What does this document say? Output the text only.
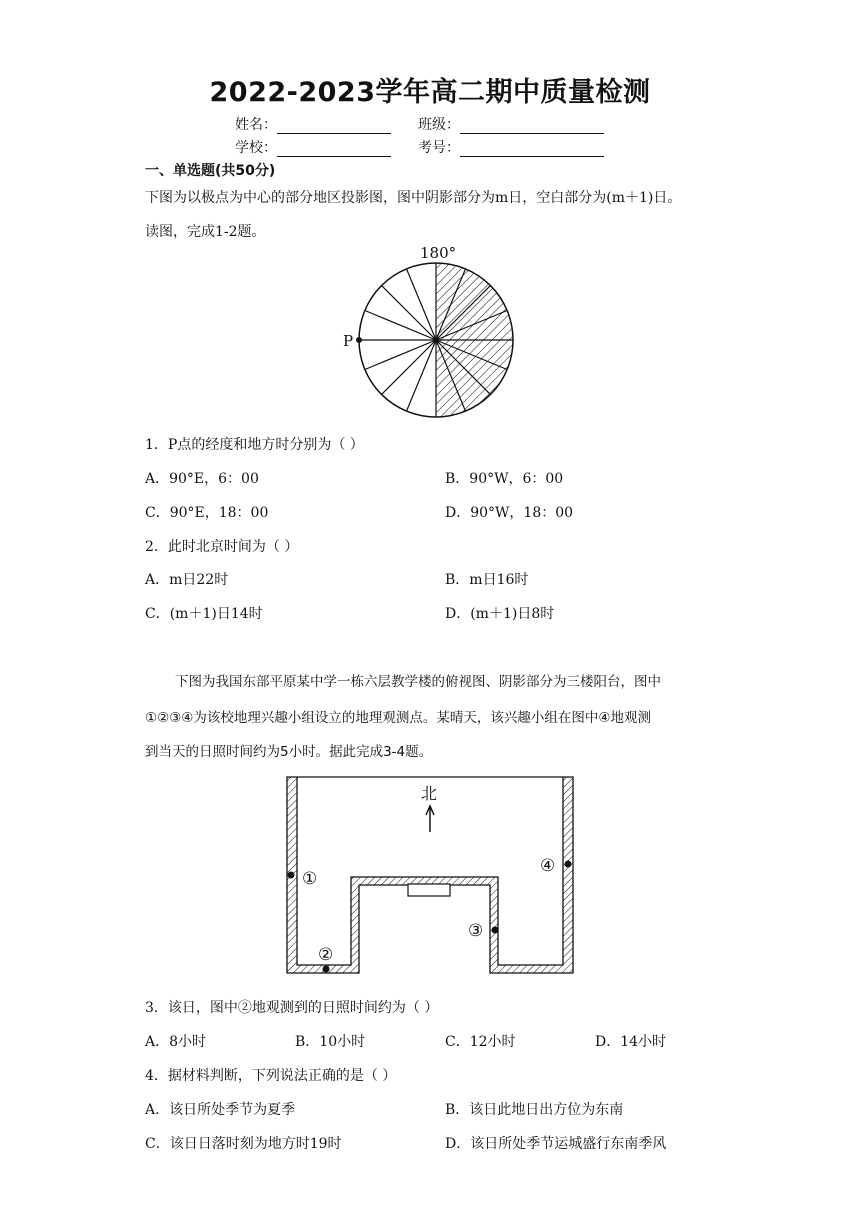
2022-2023学年高二期中质量检测
姓名：	班级：
学校：	考号：
一、单选题(共50分)
下图为以极点为中心的部分地区投影图，图中阴影部分为m日，空白部分为(m＋1)日。
读图，完成1-2题。
P
180°
1．P点的经度和地方时分别为（ ）
A．90°E，6：00	B．90°W，6：00
C．90°E，18：00	D．90°W，18：00
2．此时北京时间为（ ）
A．m日22时	B．m日16时
C．(m＋1)日14时	D．(m＋1)日8时
下图为我国东部平原某中学一栋六层教学楼的俯视图、阴影部分为三楼阳台，图中
①②③④为该校地理兴趣小组设立的地理观测点。某晴天，该兴趣小组在图中④地观测
到当天的日照时间约为5小时。据此完成3-4题。
北
①
②
③
④
3．该日，图中②地观测到的日照时间约为（ ）
A．8小时	B．10小时	C．12小时	D．14小时
4．据材料判断，下列说法正确的是（ ）
A．该日所处季节为夏季	B．该日此地日出方位为东南
C．该日日落时刻为地方时19时	D．该日所处季节运城盛行东南季风
